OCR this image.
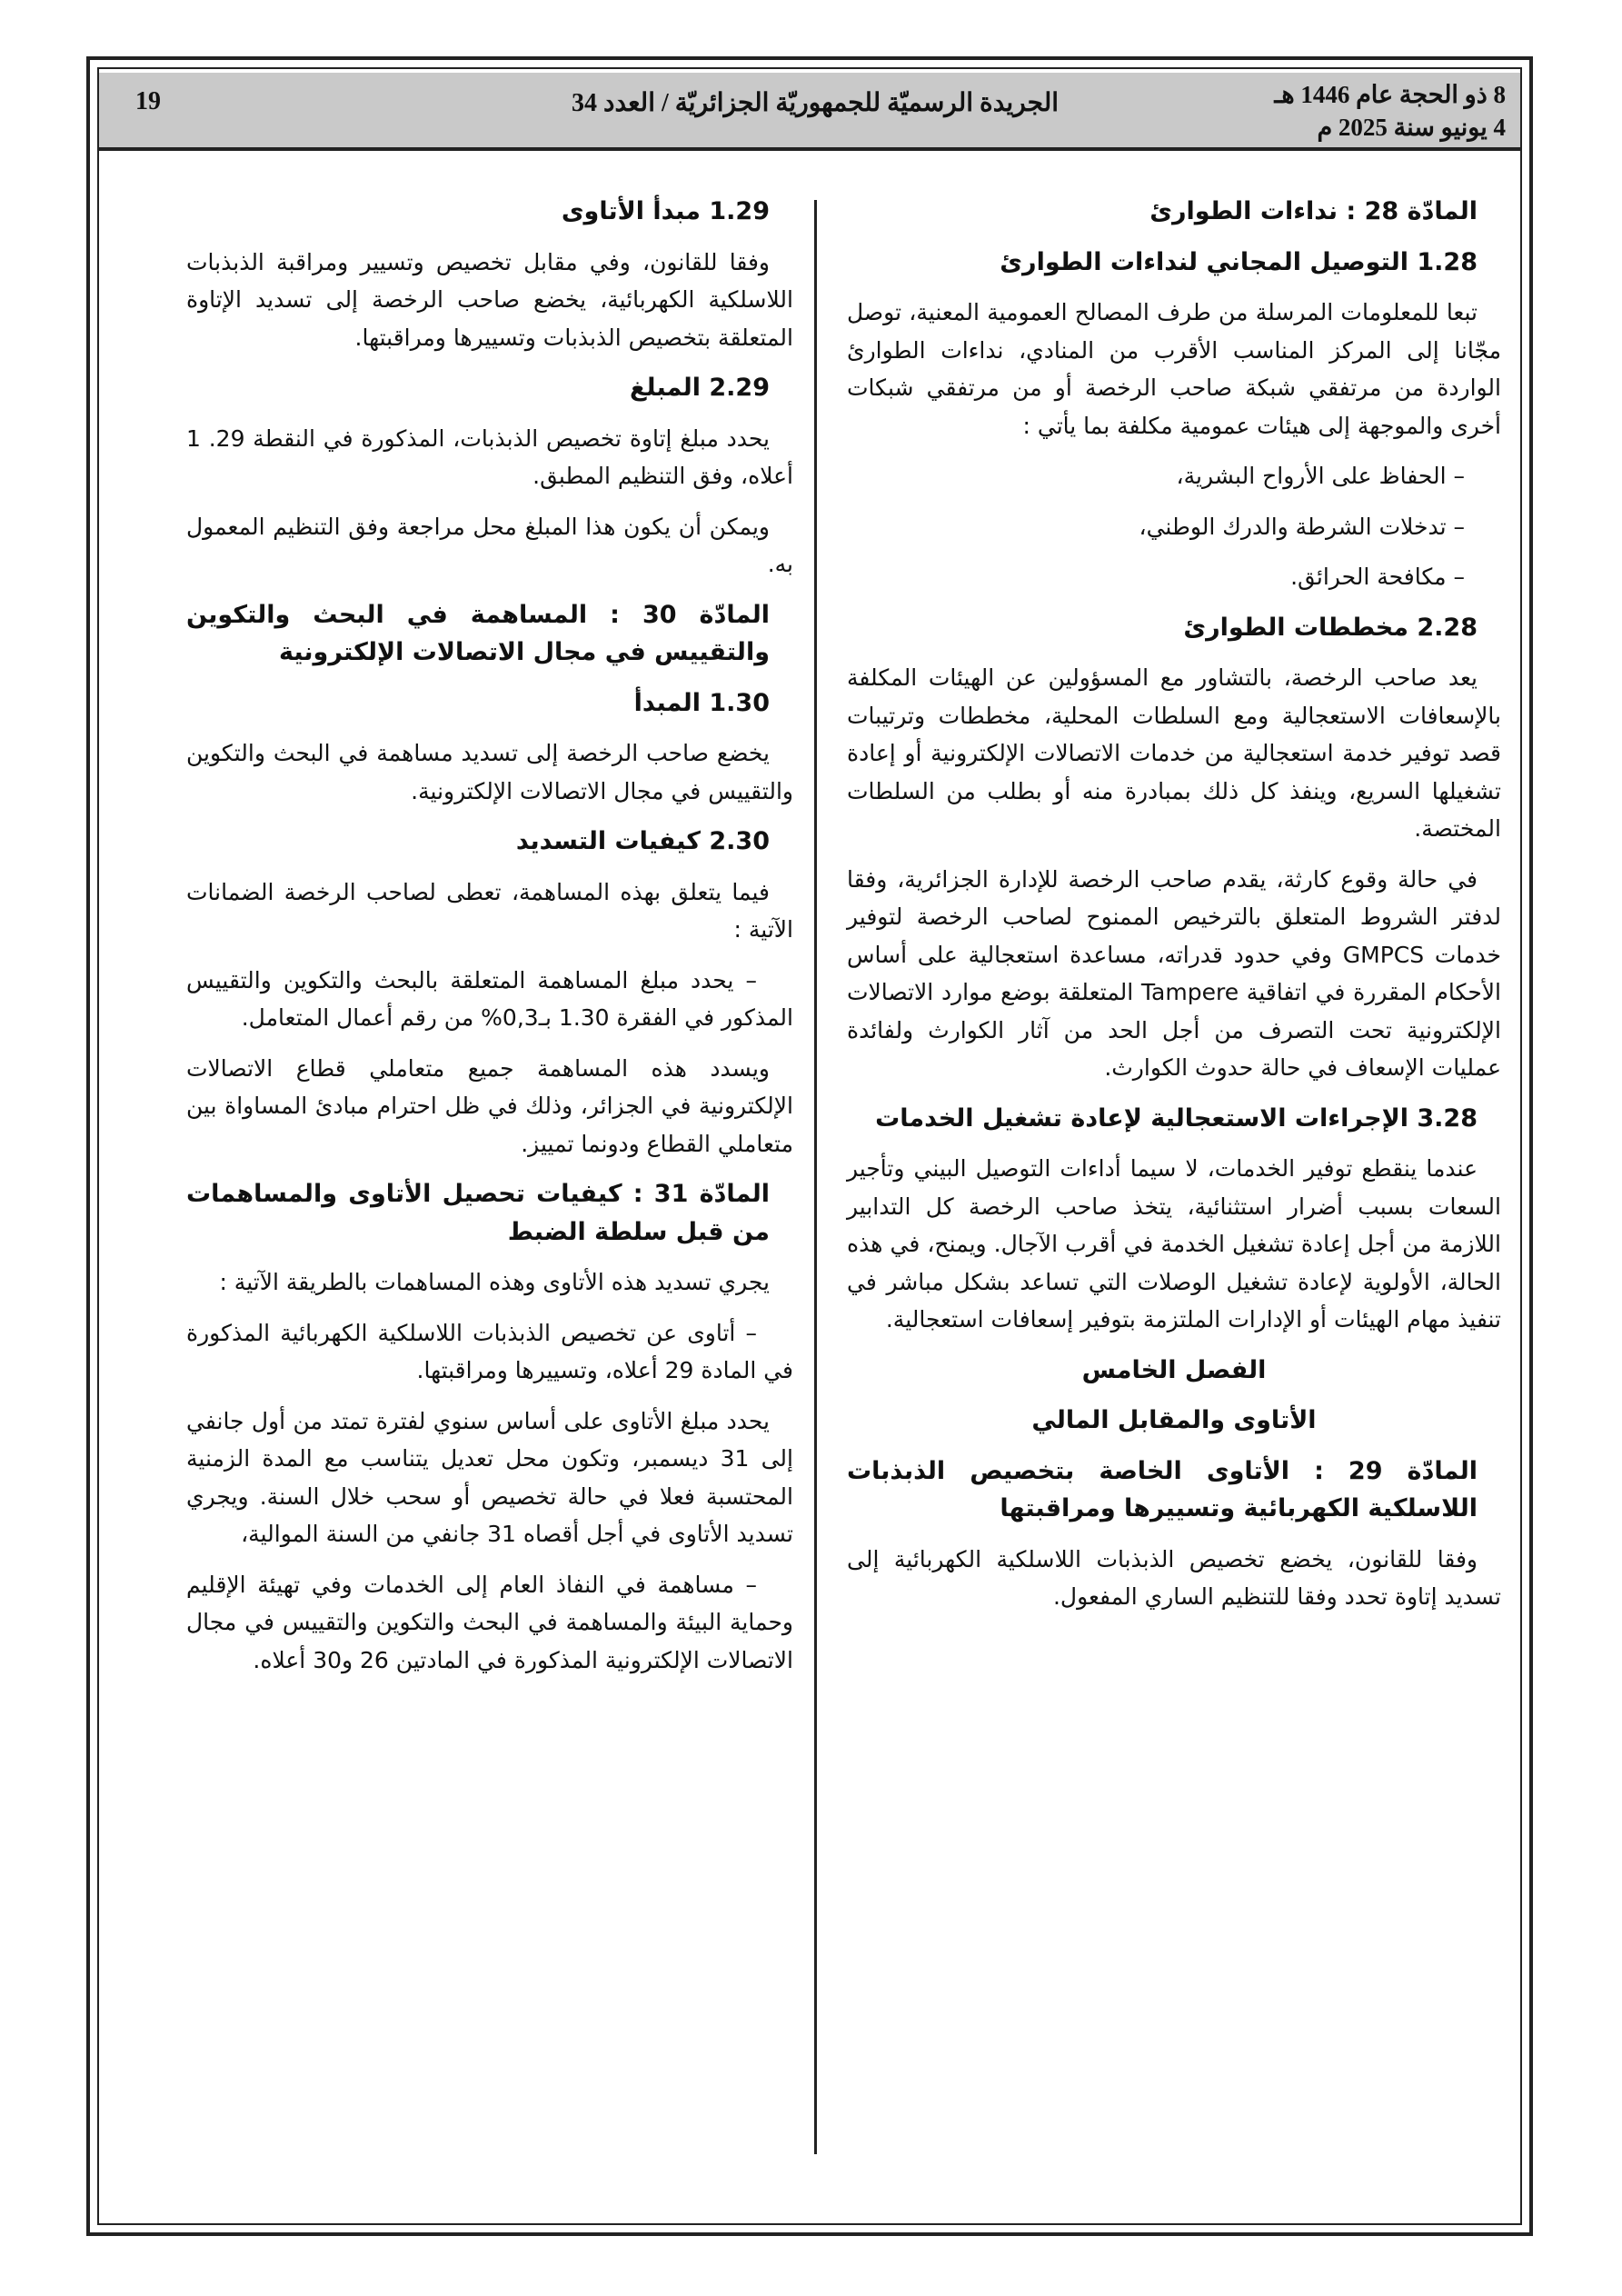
8 ذو الحجة عام 1446 هـ
4 يونيو سنة 2025 م
الجريدة الرسميّة للجمهوريّة الجزائريّة / العدد 34
19
المادّة 28 : نداءات الطوارئ
1.28 التوصيل المجاني لنداءات الطوارئ
تبعا للمعلومات المرسلة من طرف المصالح العمومية المعنية، توصل مجّانا إلى المركز المناسب الأقرب من المنادي، نداءات الطوارئ الواردة من مرتفقي شبكة صاحب الرخصة أو من مرتفقي شبكات أخرى والموجهة إلى هيئات عمومية مكلفة بما يأتي :
– الحفاظ على الأرواح البشرية،
– تدخلات الشرطة والدرك الوطني،
– مكافحة الحرائق.
2.28 مخططات الطوارئ
يعد صاحب الرخصة، بالتشاور مع المسؤولين عن الهيئات المكلفة بالإسعافات الاستعجالية ومع السلطات المحلية، مخططات وترتيبات قصد توفير خدمة استعجالية من خدمات الاتصالات الإلكترونية أو إعادة تشغيلها السريع، وينفذ كل ذلك بمبادرة منه أو بطلب من السلطات المختصة.
في حالة وقوع كارثة، يقدم صاحب الرخصة للإدارة الجزائرية، وفقا لدفتر الشروط المتعلق بالترخيص الممنوح لصاحب الرخصة لتوفير خدمات GMPCS وفي حدود قدراته، مساعدة استعجالية على أساس الأحكام المقررة في اتفاقية Tampere المتعلقة بوضع موارد الاتصالات الإلكترونية تحت التصرف من أجل الحد من آثار الكوارث ولفائدة عمليات الإسعاف في حالة حدوث الكوارث.
3.28 الإجراءات الاستعجالية لإعادة تشغيل الخدمات
عندما ينقطع توفير الخدمات، لا سيما أداءات التوصيل البيني وتأجير السعات بسبب أضرار استثنائية، يتخذ صاحب الرخصة كل التدابير اللازمة من أجل إعادة تشغيل الخدمة في أقرب الآجال. ويمنح، في هذه الحالة، الأولوية لإعادة تشغيل الوصلات التي تساعد بشكل مباشر في تنفيذ مهام الهيئات أو الإدارات الملتزمة بتوفير إسعافات استعجالية.
الفصل الخامس
الأتاوى والمقابل المالي
المادّة 29 : الأتاوى الخاصة بتخصيص الذبذبات اللاسلكية الكهربائية وتسييرها ومراقبتها
وفقا للقانون، يخضع تخصيص الذبذبات اللاسلكية الكهربائية إلى تسديد إتاوة تحدد وفقا للتنظيم الساري المفعول.
1.29 مبدأ الأتاوى
وفقا للقانون، وفي مقابل تخصيص وتسيير ومراقبة الذبذبات اللاسلكية الكهربائية، يخضع صاحب الرخصة إلى تسديد الإتاوة المتعلقة بتخصيص الذبذبات وتسييرها ومراقبتها.
2.29 المبلغ
يحدد مبلغ إتاوة تخصيص الذبذبات، المذكورة في النقطة 29. 1 أعلاه، وفق التنظيم المطبق.
ويمكن أن يكون هذا المبلغ محل مراجعة وفق التنظيم المعمول به.
المادّة 30 : المساهمة في البحث والتكوين والتقييس في مجال الاتصالات الإلكترونية
1.30 المبدأ
يخضع صاحب الرخصة إلى تسديد مساهمة في البحث والتكوين والتقييس في مجال الاتصالات الإلكترونية.
2.30 كيفيات التسديد
فيما يتعلق بهذه المساهمة، تعطى لصاحب الرخصة الضمانات الآتية :
– يحدد مبلغ المساهمة المتعلقة بالبحث والتكوين والتقييس المذكور في الفقرة 1.30 بـ0,3% من رقم أعمال المتعامل.
ويسدد هذه المساهمة جميع متعاملي قطاع الاتصالات الإلكترونية في الجزائر، وذلك في ظل احترام مبادئ المساواة بين متعاملي القطاع ودونما تمييز.
المادّة 31 : كيفيات تحصيل الأتاوى والمساهمات من قبل سلطة الضبط
يجري تسديد هذه الأتاوى وهذه المساهمات بالطريقة الآتية :
– أتاوى عن تخصيص الذبذبات اللاسلكية الكهربائية المذكورة في المادة 29 أعلاه، وتسييرها ومراقبتها.
يحدد مبلغ الأتاوى على أساس سنوي لفترة تمتد من أول جانفي إلى 31 ديسمبر، وتكون محل تعديل يتناسب مع المدة الزمنية المحتسبة فعلا في حالة تخصيص أو سحب خلال السنة. ويجري تسديد الأتاوى في أجل أقصاه 31 جانفي من السنة الموالية،
– مساهمة في النفاذ العام إلى الخدمات وفي تهيئة الإقليم وحماية البيئة والمساهمة في البحث والتكوين والتقييس في مجال الاتصالات الإلكترونية المذكورة في المادتين 26 و30 أعلاه.
